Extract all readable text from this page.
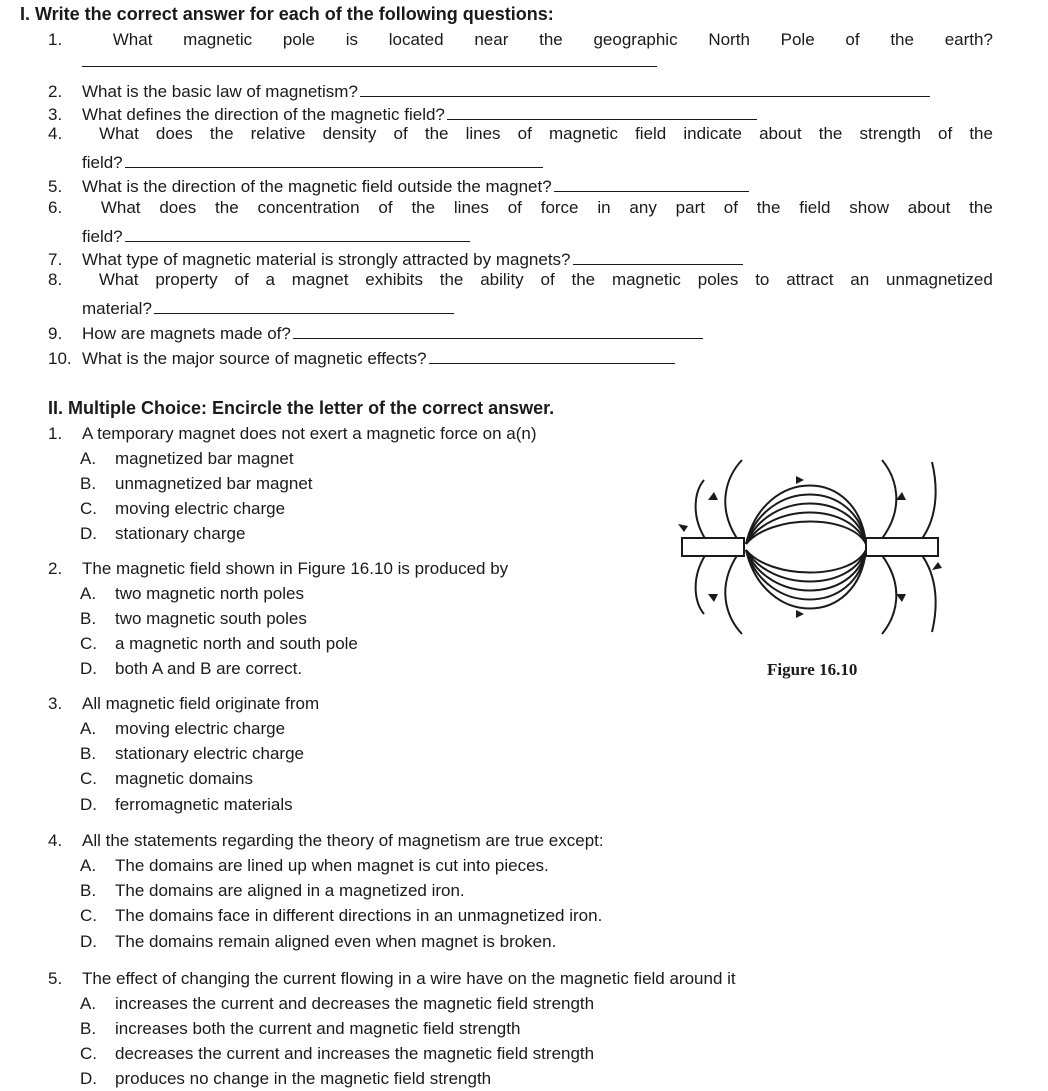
I. Write the correct answer for each of the following questions:
1.	What magnetic pole is located near the geographic North Pole of the earth?
2. What is the basic law of magnetism?
3. What defines the direction of the magnetic field?
4.	What does the relative density of the lines of magnetic field indicate about the strength of the
field?
5. What is the direction of the magnetic field outside the magnet?
6.	What does the concentration of the lines of force in any part of the field show about the
field?
7. What type of magnetic material is strongly attracted by magnets?
8.	What property of a magnet exhibits the ability of the magnetic poles to attract an unmagnetized
material?
9. How are magnets made of?
10. What is the major source of magnetic effects?
II. Multiple Choice: Encircle the letter of the correct answer.
1. A temporary magnet does not exert a magnetic force on a(n)
A. magnetized bar magnet
B. unmagnetized bar magnet
C. moving electric charge
D. stationary charge
2. The magnetic field shown in Figure 16.10 is produced by
A. two magnetic north poles
B. two magnetic south poles
C. a magnetic north and south pole
D. both A and B are correct.
3. All magnetic field originate from
A. moving electric charge
B. stationary electric charge
C. magnetic domains
D. ferromagnetic materials
4. All the statements regarding the theory of magnetism are true except:
A. The domains are lined up when magnet is cut into pieces.
B. The domains are aligned in a magnetized iron.
C. The domains face in different directions in an unmagnetized iron.
D. The domains remain aligned even when magnet is broken.
5. The effect of changing the current flowing in a wire have on the magnetic field around it
A. increases the current and decreases the magnetic field strength
B. increases both the current and magnetic field strength
C. decreases the current and increases the magnetic field strength
D. produces no change in the magnetic field strength
Figure 16.10
